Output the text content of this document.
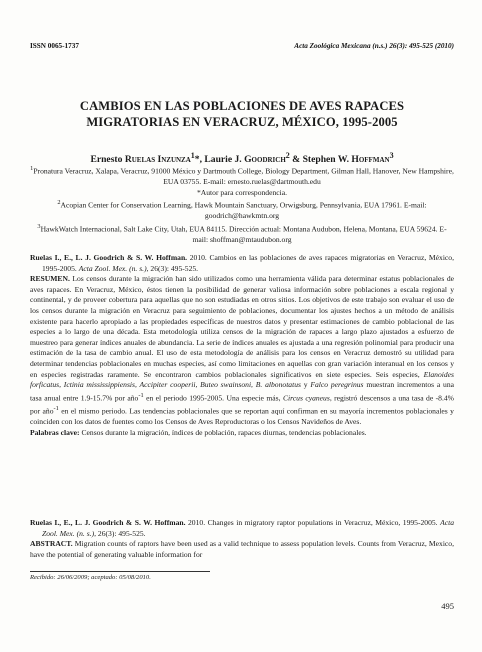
ISSN 0065-1737	Acta Zoológica Mexicana (n.s.) 26(3): 495-525 (2010)
CAMBIOS EN LAS POBLACIONES DE AVES RAPACES
MIGRATORIAS EN VERACRUZ, MÉXICO, 1995-2005
Ernesto Ruelas Inzunza$^1$*, Laurie J. Goodrich$^2$ & Stephen W. Hoffman$^3$

$^1$Pronatura Veracruz, Xalapa, Veracruz, 91000 México y Dartmouth College, Biology Department, Gilman Hall, Hanover, New Hampshire, EUA 03755. E-mail: ernesto.ruelas@dartmouth.edu

*Autor para correspondencia.

$^2$Acopian Center for Conservation Learning, Hawk Mountain Sanctuary, Orwigsburg, Pennsylvania, EUA 17961. E-mail: goodrich@hawkmtn.org

$^3$HawkWatch Internacional, Salt Lake City, Utah, EUA 84115. Dirección actual: Montana Audubon, Helena, Montana, EUA 59624. E-mail: shoffman@mtaudubon.org

Ruelas I., E., L. J. Goodrich & S. W. Hoffman. 2010. Cambios en las poblaciones de aves rapaces migratorias en Veracruz, México, 1995-2005. Acta Zool. Mex. (n. s.), 26(3): 495-525.

RESUMEN. Los censos durante la migración han sido utilizados como una herramienta válida para determinar estatus poblacionales de aves rapaces. En Veracruz, México, éstos tienen la posibilidad de generar valiosa información sobre poblaciones a escala regional y continental, y de proveer cobertura para aquellas que no son estudiadas en otros sitios. Los objetivos de este trabajo son evaluar el uso de los censos durante la migración en Veracruz para seguimiento de poblaciones, documentar los ajustes hechos a un método de análisis existente para hacerlo apropiado a las propiedades específicas de nuestros datos y presentar estimaciones de cambio poblacional de las especies a lo largo de una década. Esta metodología utiliza censos de la migración de rapaces a largo plazo ajustados a esfuerzo de muestreo para generar índices anuales de abundancia. La serie de índices anuales es ajustada a una regresión polinomial para producir una estimación de la tasa de cambio anual. El uso de esta metodología de análisis para los censos en Veracruz demostró su utilidad para determinar tendencias poblacionales en muchas especies, así como limitaciones en aquellas con gran variación interanual en los censos y en especies registradas raramente. Se encontraron cambios poblacionales significativos en siete especies. Seis especies, Elanoides forficatus, Ictinia mississippiensis, Accipiter cooperii, Buteo swainsoni, B. albonotatus y Falco peregrinus muestran incrementos a una tasa anual entre 1.9-15.7% por año$^{-1}$ en el periodo 1995-2005. Una especie más, Circus cyaneus, registró descensos a una tasa de -8.4% por año$^{-1}$ en el mismo periodo. Las tendencias poblacionales que se reportan aquí confirman en su mayoría incrementos poblacionales y coinciden con los datos de fuentes como los Censos de Aves Reproductoras o los Censos Navideños de Aves.

Palabras clave: Censos durante la migración, índices de población, rapaces diurnas, tendencias poblacionales.

Ruelas I., E., L. J. Goodrich & S. W. Hoffman. 2010. Changes in migratory raptor populations in Veracruz, México, 1995-2005. Acta Zool. Mex. (n. s.), 26(3): 495-525.

ABSTRACT. Migration counts of raptors have been used as a valid technique to assess population levels. Counts from Veracruz, Mexico, have the potential of generating valuable information for

Recibido: 26/06/2009; aceptado: 05/08/2010.
495
